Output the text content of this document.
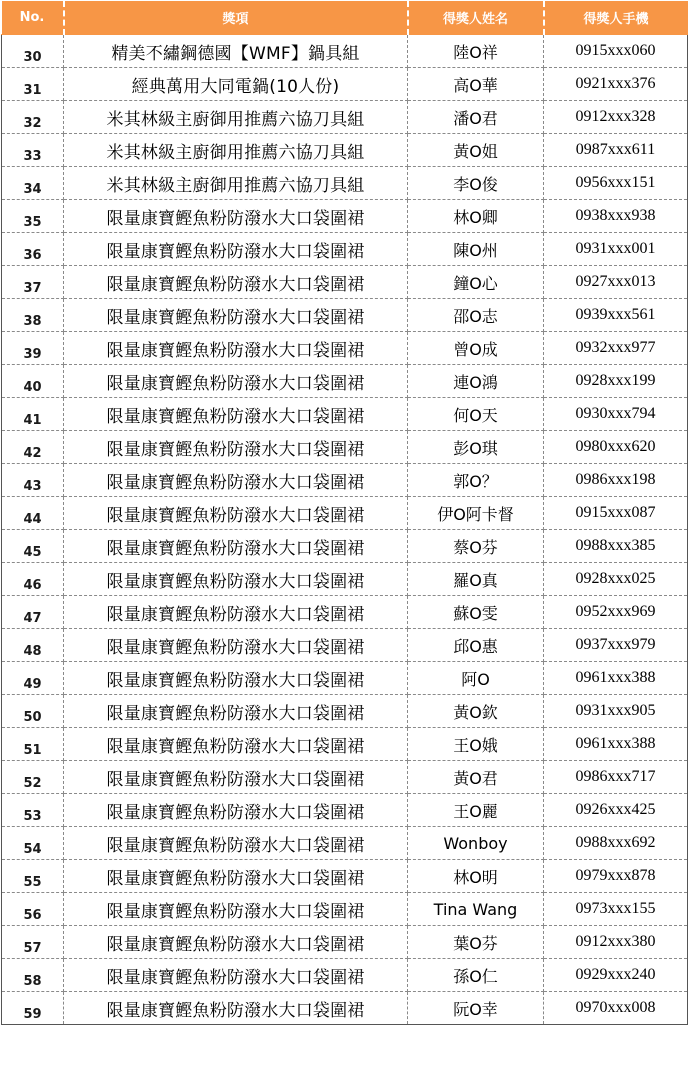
No.	獎項	得獎人姓名	得獎人手機
30	精美不繡鋼德國【WMF】鍋具組	陸O祥	0915xxx060
31	經典萬用大同電鍋(10人份)	高O華	0921xxx376
32	米其林級主廚御用推薦六協刀具組	潘O君	0912xxx328
33	米其林級主廚御用推薦六協刀具組	黃O姐	0987xxx611
34	米其林級主廚御用推薦六協刀具組	李O俊	0956xxx151
35	限量康寶鰹魚粉防潑水大口袋圍裙	林O卿	0938xxx938
36	限量康寶鰹魚粉防潑水大口袋圍裙	陳O州	0931xxx001
37	限量康寶鰹魚粉防潑水大口袋圍裙	鐘O心	0927xxx013
38	限量康寶鰹魚粉防潑水大口袋圍裙	邵O志	0939xxx561
39	限量康寶鰹魚粉防潑水大口袋圍裙	曾O成	0932xxx977
40	限量康寶鰹魚粉防潑水大口袋圍裙	連O鴻	0928xxx199
41	限量康寶鰹魚粉防潑水大口袋圍裙	何O天	0930xxx794
42	限量康寶鰹魚粉防潑水大口袋圍裙	彭O琪	0980xxx620
43	限量康寶鰹魚粉防潑水大口袋圍裙	郭O？	0986xxx198
44	限量康寶鰹魚粉防潑水大口袋圍裙	伊O阿卡督	0915xxx087
45	限量康寶鰹魚粉防潑水大口袋圍裙	蔡O芬	0988xxx385
46	限量康寶鰹魚粉防潑水大口袋圍裙	羅O真	0928xxx025
47	限量康寶鰹魚粉防潑水大口袋圍裙	蘇O雯	0952xxx969
48	限量康寶鰹魚粉防潑水大口袋圍裙	邱O惠	0937xxx979
49	限量康寶鰹魚粉防潑水大口袋圍裙	阿O	0961xxx388
50	限量康寶鰹魚粉防潑水大口袋圍裙	黃O欽	0931xxx905
51	限量康寶鰹魚粉防潑水大口袋圍裙	王O娥	0961xxx388
52	限量康寶鰹魚粉防潑水大口袋圍裙	黃O君	0986xxx717
53	限量康寶鰹魚粉防潑水大口袋圍裙	王O麗	0926xxx425
54	限量康寶鰹魚粉防潑水大口袋圍裙	Wonboy	0988xxx692
55	限量康寶鰹魚粉防潑水大口袋圍裙	林O明	0979xxx878
56	限量康寶鰹魚粉防潑水大口袋圍裙	Tina Wang	0973xxx155
57	限量康寶鰹魚粉防潑水大口袋圍裙	葉O芬	0912xxx380
58	限量康寶鰹魚粉防潑水大口袋圍裙	孫O仁	0929xxx240
59	限量康寶鰹魚粉防潑水大口袋圍裙	阮O幸	0970xxx008
